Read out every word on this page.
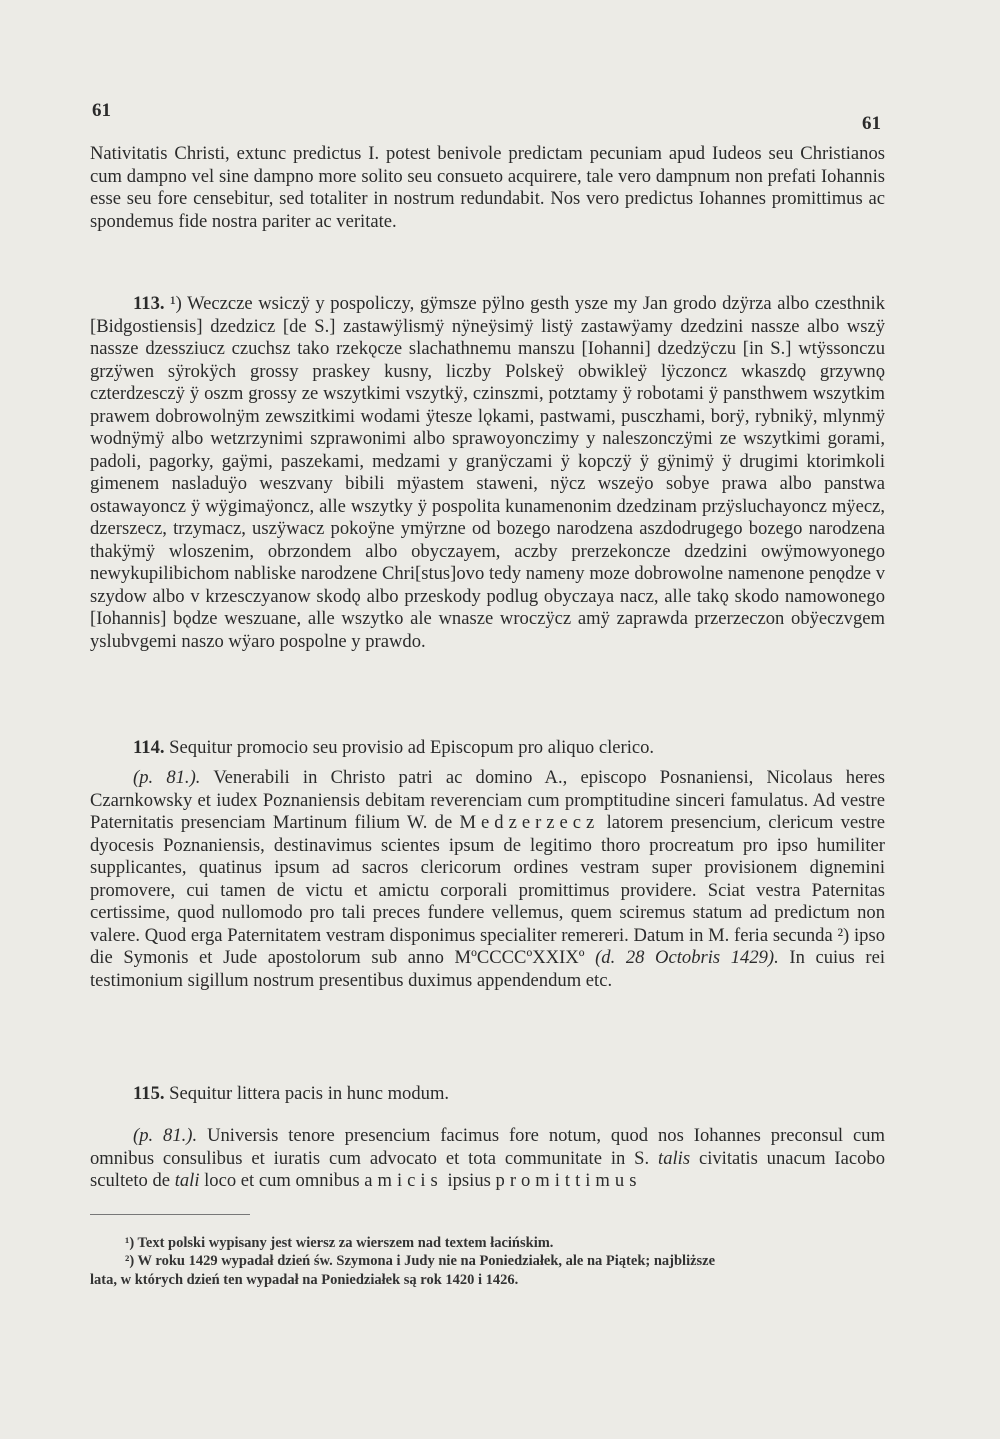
61
61

Nativitatis Christi, extunc predictus I. potest benivole predictam pecuniam apud Iudeos seu Christianos cum dampno vel sine dampno more solito seu consueto acquirere, tale vero dampnum non prefati Iohannis esse seu fore censebitur, sed totaliter in nostrum redundabit. Nos vero predictus Iohannes promittimus ac spondemus fide nostra pariter ac veritate.

113. ¹) Weczcze wsiczÿ y pospoliczy, gÿmsze pÿlno gesth ysze my Jan grodo dzÿrza albo czesthnik [Bidgostiensis] dzedzicz [de S.] zastawÿlismÿ nÿneÿsimÿ listÿ zastawÿamy dzedzini nassze albo wszÿ nassze dzessziucz czuchsz tako rzekǫcze slachathnemu manszu [Iohanni] dzedzÿczu [in S.] wtÿssonczu grzÿwen sÿrokÿch grossy praskey kusny, liczby Polskeÿ obwikleÿ lÿczoncz wkaszdǫ grzywnǫ czterdzesczÿ ÿ oszm grossy ze wszytkimi vszytkÿ, czinszmi, potztamy ÿ robotami ÿ pansthwem wszytkim prawem dobrowolnÿm zewszitkimi wodami ÿtesze lǫkami, pastwami, pusczhami, borÿ, rybnikÿ, mlynmÿ wodnÿmÿ albo wetzrzynimi szprawonimi albo sprawoyonczimy y naleszonczÿmi ze wszytkimi gorami, padoli, pagorky, gaÿmi, paszekami, medzami y granÿczami ÿ kopczÿ ÿ gÿnimÿ ÿ drugimi ktorimkoli gimenem nasladuÿo weszvany bibili mÿastem staweni, nÿcz wszeÿo sobye prawa albo panstwa ostawayoncz ÿ wÿgimaÿoncz, alle wszytky ÿ pospolita kunamenonim dzedzinam przÿsluchayoncz mÿecz, dzerszecz, trzymacz, uszÿwacz pokoÿne ymÿrzne od bozego narodzena aszdodrugego bozego narodzena thakÿmÿ wloszenim, obrzondem albo obyczayem, aczby prerzekoncze dzedzini owÿmowyonego newykupilibichom nabliske narodzene Chri[stus]ovo tedy nameny moze dobrowolne namenone penǫdze v szydow albo v krzesczyanow skodǫ albo przeskody podlug obyczaya nacz, alle takǫ skodo namowonego [Iohannis] bǫdze weszuane, alle wszytko ale wnasze wroczÿcz amÿ zaprawda przerzeczon obÿeczvgem yslubvgemi naszo wÿaro pospolne y prawdo.

114. Sequitur promocio seu provisio ad Episcopum pro aliquo clerico.

(p. 81.). Venerabili in Christo patri ac domino A., episcopo Posnaniensi, Nicolaus heres Czarnkowsky et iudex Poznaniensis debitam reverenciam cum promptitudine sinceri famulatus. Ad vestre Paternitatis presenciam Martinum filium W. de Medzerzecz latorem presencium, clericum vestre dyocesis Poznaniensis, destinavimus scientes ipsum de legitimo thoro procreatum pro ipso humiliter supplicantes, quatinus ipsum ad sacros clericorum ordines vestram super provisionem dignemini promovere, cui tamen de victu et amictu corporali promittimus providere. Sciat vestra Paternitas certissime, quod nullomodo pro tali preces fundere vellemus, quem sciremus statum ad predictum non valere. Quod erga Paternitatem vestram disponimus specialiter remereri. Datum in M. feria secunda ²) ipso die Symonis et Jude apostolorum sub anno MºCCCCºXXIXº (d. 28 Octobris 1429). In cuius rei testimonium sigillum nostrum presentibus duximus appendendum etc.

115. Sequitur littera pacis in hunc modum.

(p. 81.). Universis tenore presencium facimus fore notum, quod nos Iohannes preconsul cum omnibus consulibus et iuratis cum advocato et tota communitate in S. talis civitatis unacum Iacobo sculteto de tali loco et cum omnibus amicis ipsius promittimus

¹) Text polski wypisany jest wiersz za wierszem nad textem łacińskim.
²) W roku 1429 wypadał dzień św. Szymona i Judy nie na Poniedziałek, ale na Piątek; najbliższe
lata, w których dzień ten wypadał na Poniedziałek są rok 1420 i 1426.
